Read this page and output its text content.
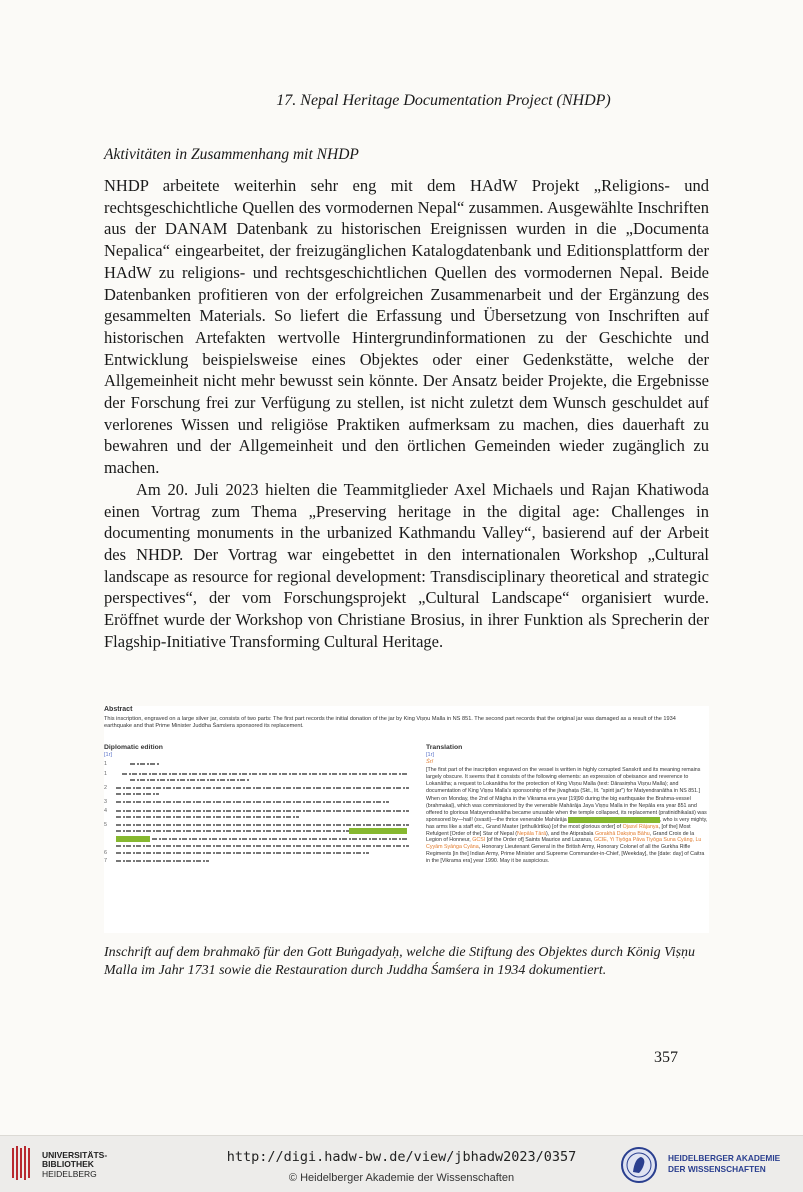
17. Nepal Heritage Documentation Project (NHDP)
Aktivitäten in Zusammenhang mit NHDP

NHDP arbeitete weiterhin sehr eng mit dem HAdW Projekt „Religions- und rechtsgeschichtliche Quellen des vormodernen Nepal“ zusammen. Ausgewählte Inschriften aus der DANAM Datenbank zu historischen Ereignissen wurden in die „Documenta Nepalica“ eingearbeitet, der freizugänglichen Katalogdatenbank und Editionsplattform der HAdW zu religions- und rechtsgeschichtlichen Quellen des vormodernen Nepal. Beide Datenbanken profitieren von der erfolgreichen Zusammenarbeit und der Ergänzung des gesammelten Materials. So liefert die Erfassung und Übersetzung von Inschriften auf historischen Artefakten wertvolle Hintergrundinformationen zu der Geschichte und Entwicklung beispielsweise eines Objektes oder einer Gedenkstätte, welche der Allgemeinheit nicht mehr bewusst sein könnte. Der Ansatz beider Projekte, die Ergebnisse der Forschung frei zur Verfügung zu stellen, ist nicht zuletzt dem Wunsch geschuldet auf verlorenes Wissen und religiöse Praktiken aufmerksam zu machen, dies dauerhaft zu bewahren und der Allgemeinheit und den örtlichen Gemeinden wieder zugänglich zu machen.

Am 20. Juli 2023 hielten die Teammitglieder Axel Michaels und Rajan Khatiwoda einen Vortrag zum Thema „Preserving heritage in the digital age: Challenges in documenting monuments in the urbanized Kathmandu Valley“, basierend auf der Arbeit des NHDP. Der Vortrag war eingebettet in den internationalen Workshop „Cultural landscape as resource for regional development: Transdisciplinary theoretical and strategic perspectives“, der vom Forschungsprojekt „Cultural Landscape“ organisiert wurde. Eröffnet wurde der Workshop von Christiane Brosius, in ihrer Funktion als Sprecherin der Flagship-Initiative Transforming Cultural Heritage.

Abstract
This inscription, engraved on a large silver jar, consists of two parts: The first part records the initial donation of the jar by King Viṣṇu Malla in NS 851. The second part records that the original jar was damaged as a result of the 1934 earthquake and that Prime Minister Juddha Śamśera sponsored its replacement.
Diplomatic edition
[1r]
1
1
2
3
4
5
6
7
Translation
[1r]
Śrī
[The first part of the inscription engraved on the vessel is written in highly corrupted Sanskrit and its meaning remains largely obscure. It seems that it consists of the following elements: an expression of obeisance and reverence to Lokanātha; a request to Lokanātha for the protection of King Viṣṇu Malla (text: Dārasiṃha Viṣṇu Malla); and documentation of King Viṣṇu Malla's sponsorship of the jīvaghaṭa (Skt., lit. "spirit jar") for Matyendranātha in NS 851.]
When on Monday, the 2nd of Māgha in the Vikrama era year [19]90 during the big earthquake the Brahma-vessel (brahmakaḷ), which was commissioned by the venerable Mahārāja Jaya Viṣṇu Malla in the Nepāla era year 851 and offered to glorious Matsyendranātha became unusable when the temple collapsed, its replacement (pratinidhikalaś) was sponsored by—hail! (svasti)—the thrice venerable Mahārāja Juddha Shumsher Jung Bahadur Rana, who is very mighty, has arms like a staff etc., Grand Master (prthulkīrtika) [of the most glorious order] of Ojasvī Rājanya, [of the] Most Refulgent [Order of the] Star of Nepal (Nepāla Tārā), and the Atiprabala Gorakhā Dakṣiṇa Bāhu, Grand Croix de la Legion of Honneur, GCSI [of the Order of] Saints Maurice and Lazarus, GCIE, Yi Tiyōga Pāva Tiyōga Suna Cyāng, Lu Cyyām Syāṅga Cyāna, Honorary Lieutenant General in the British Army, Honorary Colonel of all the Gurkha Rifle Regiments [in the] Indian Army, Prime Minister and Supreme Commander-in-Chief, [Weekday], the [date: day] of Caitra in the [Vikrama era] year 1990. May it be auspicious.
Inschrift auf dem brahmakō für den Gott Buṅgadyaḥ, welche die Stiftung des Objektes durch König Viṣṇu Malla im Jahr 1731 sowie die Restauration durch Juddha Śamśera in 1934 dokumentiert.
357
UNIVERSITÄTS-
BIBLIOTHEK
HEIDELBERG
http://digi.hadw-bw.de/view/jbhadw2023/0357
© Heidelberger Akademie der Wissenschaften
HEIDELBERGER AKADEMIE
DER WISSENSCHAFTEN
